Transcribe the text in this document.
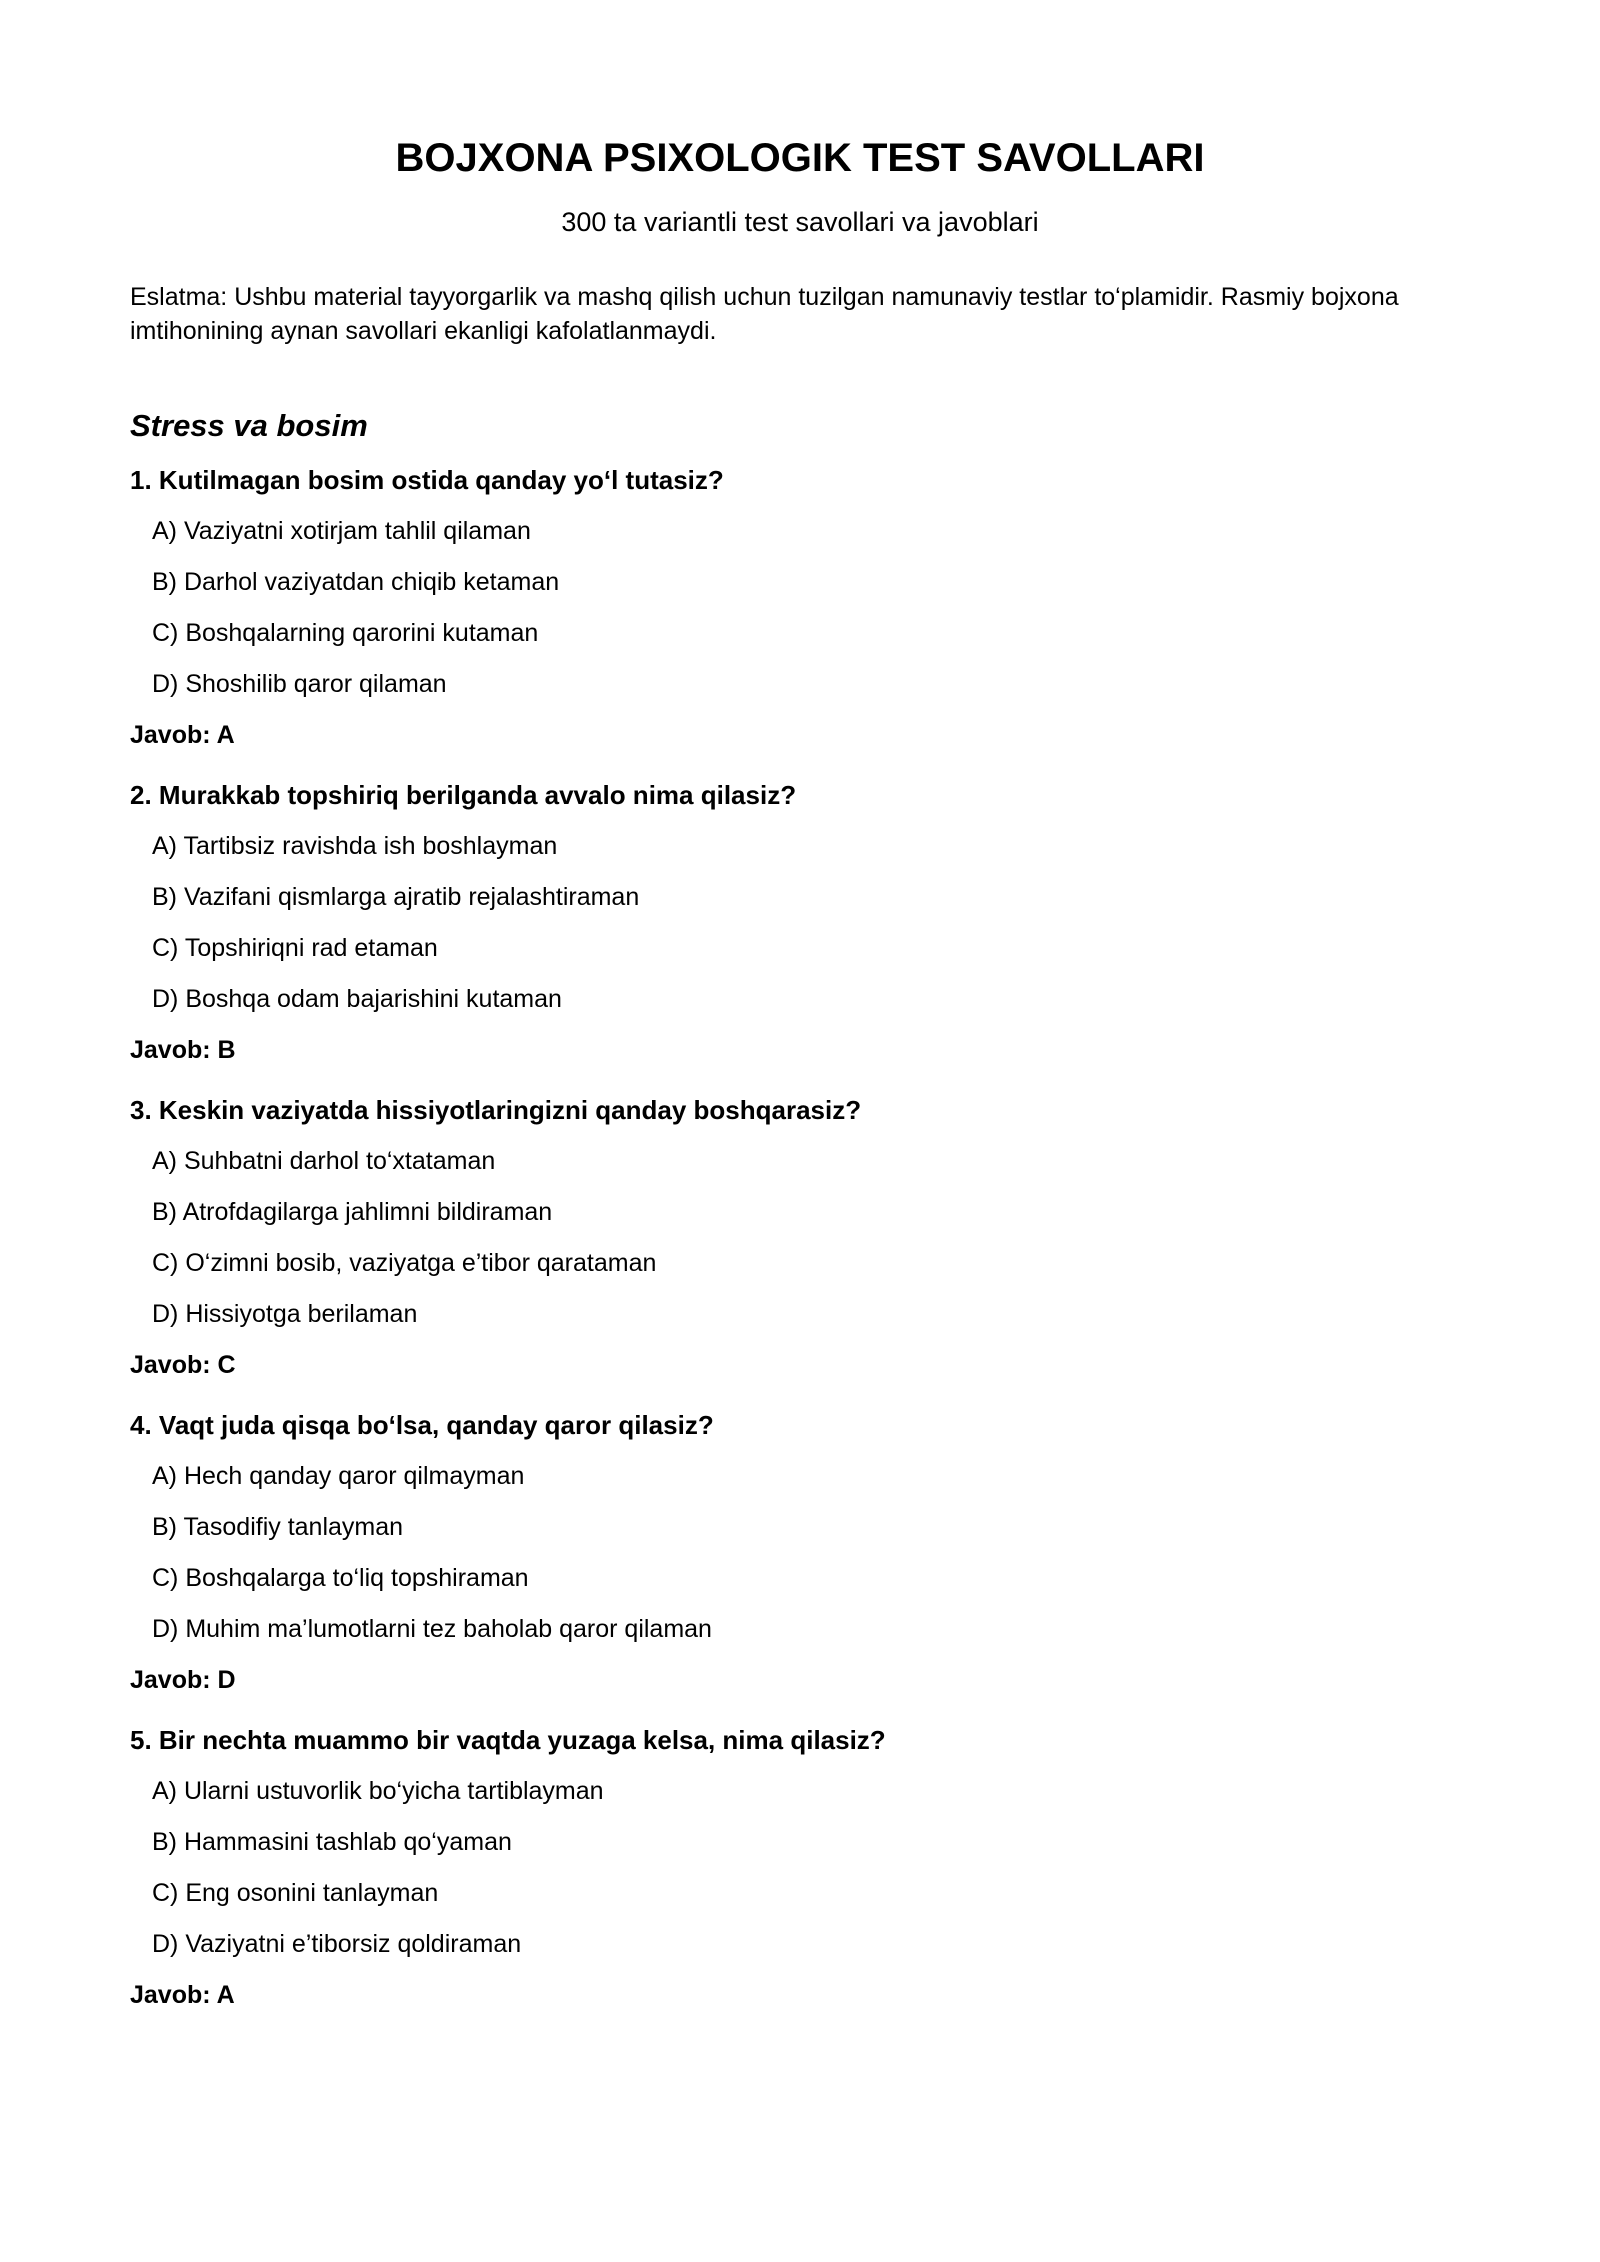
BOJXONA PSIXOLOGIK TEST SAVOLLARI

300 ta variantli test savollari va javoblari

Eslatma: Ushbu material tayyorgarlik va mashq qilish uchun tuzilgan namunaviy testlar to‘plamidir. Rasmiy bojxona imtihonining aynan savollari ekanligi kafolatlanmaydi.

Stress va bosim

1. Kutilmagan bosim ostida qanday yo‘l tutasiz?

A) Vaziyatni xotirjam tahlil qilaman
B) Darhol vaziyatdan chiqib ketaman
C) Boshqalarning qarorini kutaman
D) Shoshilib qaror qilaman

Javob: A

2. Murakkab topshiriq berilganda avvalo nima qilasiz?

A) Tartibsiz ravishda ish boshlayman
B) Vazifani qismlarga ajratib rejalashtiraman
C) Topshiriqni rad etaman
D) Boshqa odam bajarishini kutaman

Javob: B

3. Keskin vaziyatda hissiyotlaringizni qanday boshqarasiz?

A) Suhbatni darhol to‘xtataman
B) Atrofdagilarga jahlimni bildiraman
C) O‘zimni bosib, vaziyatga e’tibor qarataman
D) Hissiyotga berilaman

Javob: C

4. Vaqt juda qisqa bo‘lsa, qanday qaror qilasiz?

A) Hech qanday qaror qilmayman
B) Tasodifiy tanlayman
C) Boshqalarga to‘liq topshiraman
D) Muhim ma’lumotlarni tez baholab qaror qilaman

Javob: D

5. Bir nechta muammo bir vaqtda yuzaga kelsa, nima qilasiz?

A) Ularni ustuvorlik bo‘yicha tartiblayman
B) Hammasini tashlab qo‘yaman
C) Eng osonini tanlayman
D) Vaziyatni e’tiborsiz qoldiraman

Javob: A
